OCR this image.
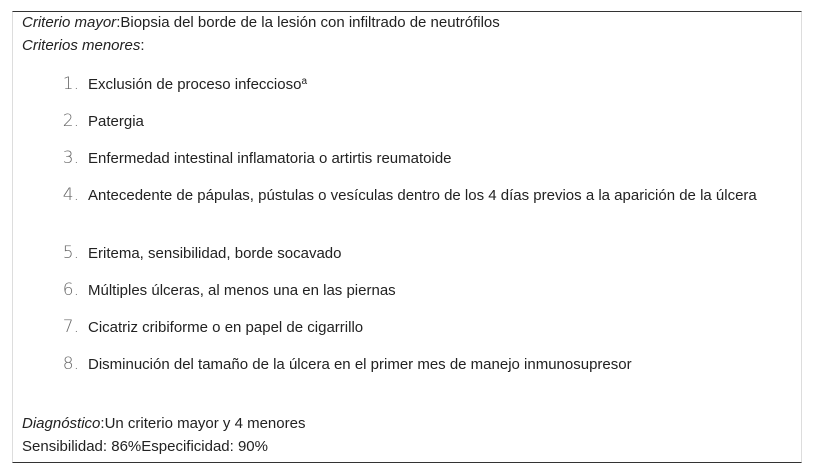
Criterio mayor:Biopsia del borde de la lesión con infiltrado de neutrófilos
Criterios menores:
1. Exclusión de proceso infeccioso$^a$
2. Patergia
3. Enfermedad intestinal inflamatoria o artirtis reumatoide
4. Antecedente de pápulas, pústulas o vesículas dentro de los 4 días previos a la aparición de la úlcera
5. Eritema, sensibilidad, borde socavado
6. Múltiples úlceras, al menos una en las piernas
7. Cicatriz cribiforme o en papel de cigarrillo
8. Disminución del tamaño de la úlcera en el primer mes de manejo inmunosupresor
Diagnóstico:Un criterio mayor y 4 menores
Sensibilidad: 86%Especificidad: 90%
